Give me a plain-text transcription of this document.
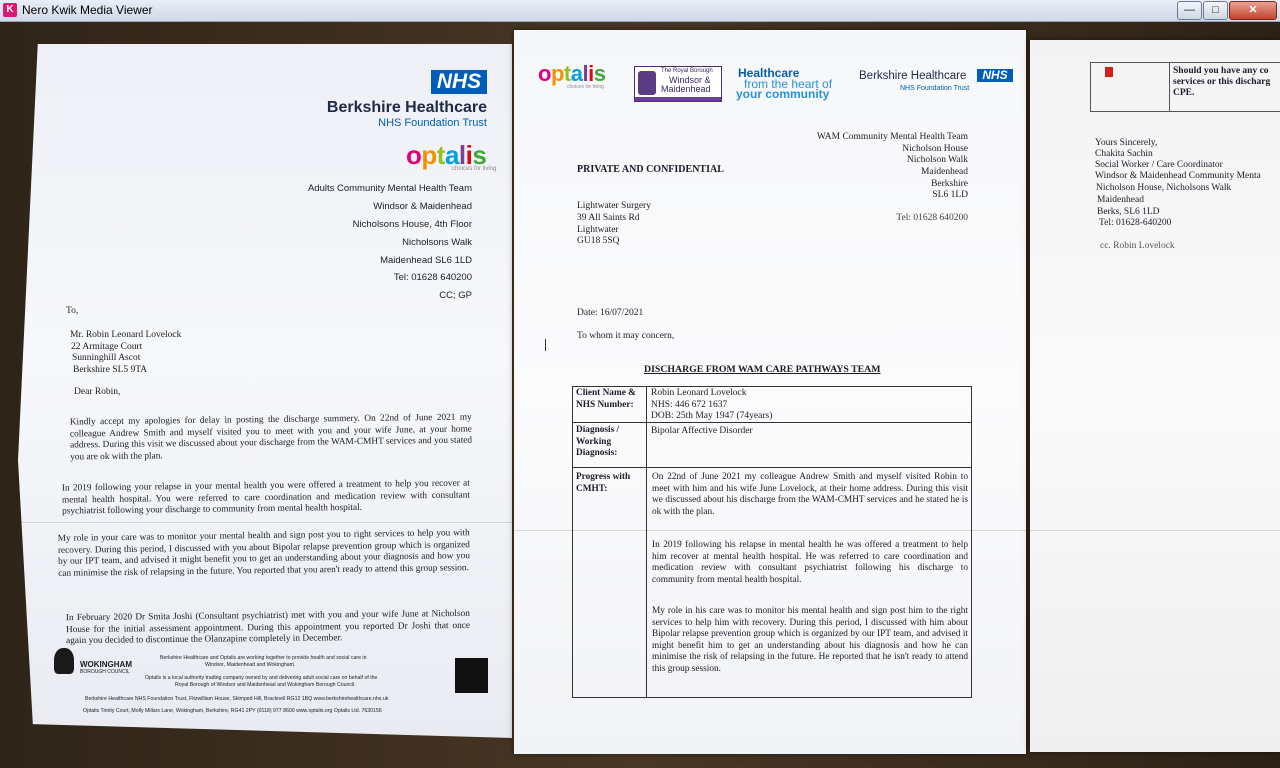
K Nero Kwik Media Viewer	—	□	✕
NHS
Berkshire Healthcare
NHS Foundation Trust
optalis
choices for living
Adults Community Mental Health Team
Windsor & Maidenhead
Nicholsons House, 4th Floor
Nicholsons Walk
Maidenhead SL6 1LD
Tel: 01628 640200
CC; GP
To,
Mr. Robin Leonard Lovelock
22 Armitage Court
Sunninghill Ascot
Berkshire SL5 9TA
Dear Robin,
Kindly accept my apologies for delay in posting the discharge summery. On 22nd of June 2021 my colleague Andrew Smith and myself visited you to meet with you and your wife June, at your home address. During this visit we discussed about your discharge from the WAM-CMHT services and you stated you are ok with the plan.
In 2019 following your relapse in your mental health you were offered a treatment to help you recover at mental health hospital. You were referred to care coordination and medication review with consultant psychiatrist following your discharge to community from mental health hospital.
My role in your care was to monitor your mental health and sign post you to right services to help you with recovery. During this period, I discussed with you about Bipolar relapse prevention group which is organized by our IPT team, and advised it might benefit you to get an understanding about your diagnosis and how you can minimise the risk of relapsing in the future. You reported that you aren't ready to attend this group session.
In February 2020 Dr Smita Joshi (Consultant psychiatrist) met with you and your wife June at Nicholson House for the initial assessment appointment. During this appointment you reported Dr Joshi that once again you decided to discontinue the Olanzapine completely in December.
WOKINGHAM
BOROUGH COUNCIL
Berkshire Healthcare and Optalis are working together to provide health and social care in
Windsor, Maidenhead and Wokingham.
Optalis is a local authority trading company owned by and delivering adult social care on behalf of the
Royal Borough of Windsor and Maidenhead and Wokingham Borough Council.
Berkshire Healthcare NHS Foundation Trust, Fitzwilliam House, Skimped Hill, Bracknell RG12 1BQ www.berkshirehealthcare.nhs.uk
Optalis Trinity Court, Molly Millars Lane, Wokingham, Berkshire, RG41 2PY (0118) 977 8600 www.optalis.org Optalis Ltd. 7630156
optalis
choices for living
The Royal Borough
Windsor &
Maidenhead
Healthcare
from the heart of
your community
Berkshire Healthcare	NHS
NHS Foundation Trust
WAM Community Mental Health Team
Nicholson House
Nicholson Walk
Maidenhead
Berkshire
SL6 1LD
Tel: 01628 640200
PRIVATE AND CONFIDENTIAL
Lightwater Surgery
39 All Saints Rd
Lightwater
GU18 5SQ
Date: 16/07/2021
To whom it may concern,
DISCHARGE FROM WAM CARE PATHWAYS TEAM
Client Name & NHS Number:
Robin Leonard Lovelock
NHS: 446 672 1637
DOB: 25th May 1947 (74years)
Diagnosis / Working Diagnosis:
Bipolar Affective Disorder
Progress with CMHT:
On 22nd of June 2021 my colleague Andrew Smith and myself visited Robin to meet with him and his wife June Lovelock, at their home address. During this visit we discussed about his discharge from the WAM-CMHT services and he stated he is ok with the plan.
In 2019 following his relapse in mental health he was offered a treatment to help him recover at mental health hospital. He was referred to care coordination and medication review with consultant psychiatrist following his discharge to community from mental health hospital.
My role in his care was to monitor his mental health and sign post him to the right services to help him with recovery. During this period, I discussed with him about Bipolar relapse prevention group which is organized by our IPT team, and advised it might benefit him to get an understanding about his diagnosis and how he can minimise the risk of relapsing in the future. He reported that he isn't ready to attend this group session.
Should you have any co
services or this discharg
CPE.
Yours Sincerely,
Chakita Sachin
Social Worker / Care Coordinator
Windsor & Maidenhead Community Menta
Nicholson House, Nicholsons Walk
Maidenhead
Berks, SL6 1LD
Tel: 01628-640200
cc. Robin Lovelock
